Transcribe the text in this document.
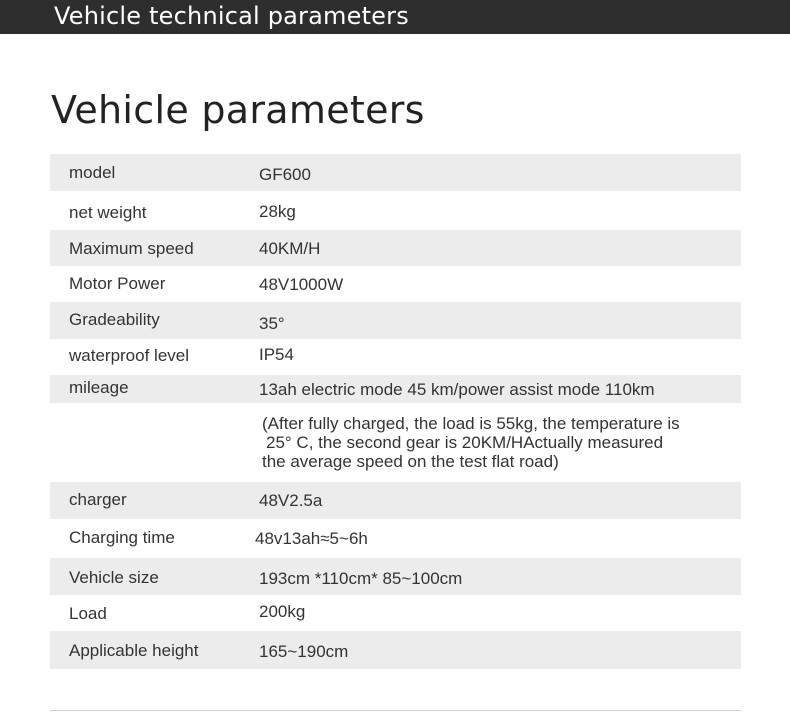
Vehicle technical parameters
Vehicle parameters
model	GF600
net weight	28kg
Maximum speed	40KM/H
Motor Power	48V1000W
Gradeability	35°
waterproof level	IP54
mileage	13ah electric mode 45 km/power assist mode 110km
(After fully charged, the load is 55kg, the temperature is
25° C, the second gear is 20KM/HActually measured
the average speed on the test flat road)
charger	48V2.5a
Charging time	48v13ah≈5~6h
Vehicle size	193cm *110cm* 85~100cm
Load	200kg
Applicable height	165~190cm
